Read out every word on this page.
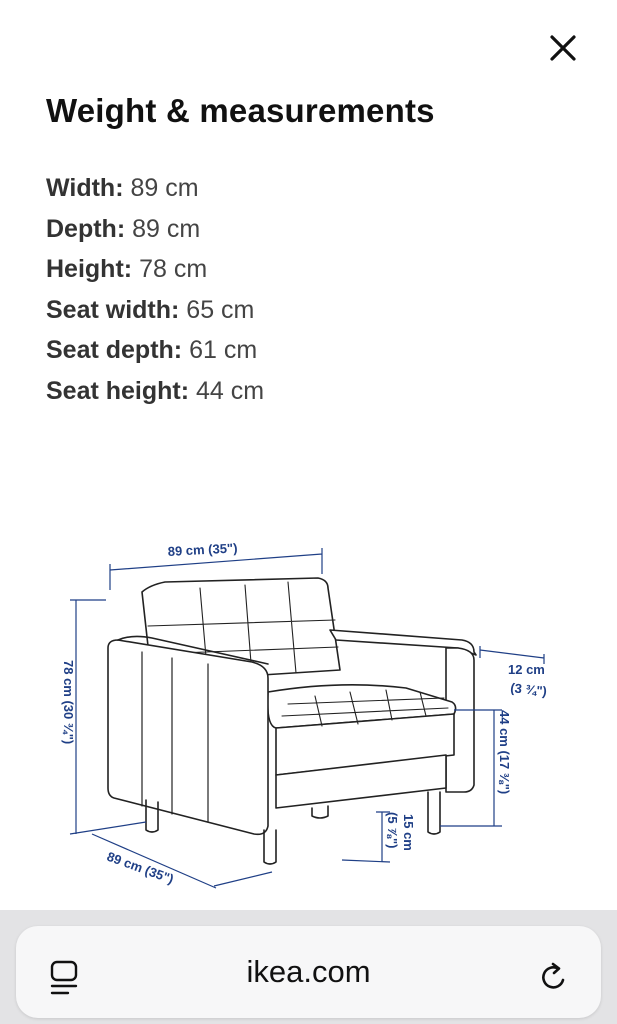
Weight & measurements
Width: 89 cm
Depth: 89 cm
Height: 78 cm
Seat width: 65 cm
Seat depth: 61 cm
Seat height: 44 cm
89 cm (35")
78 cm (30 ¾")
89 cm (35")
12 cm
(3 ¾")
44 cm (17 ⅜")
15 cm
(5 ⅞")
ikea.com
